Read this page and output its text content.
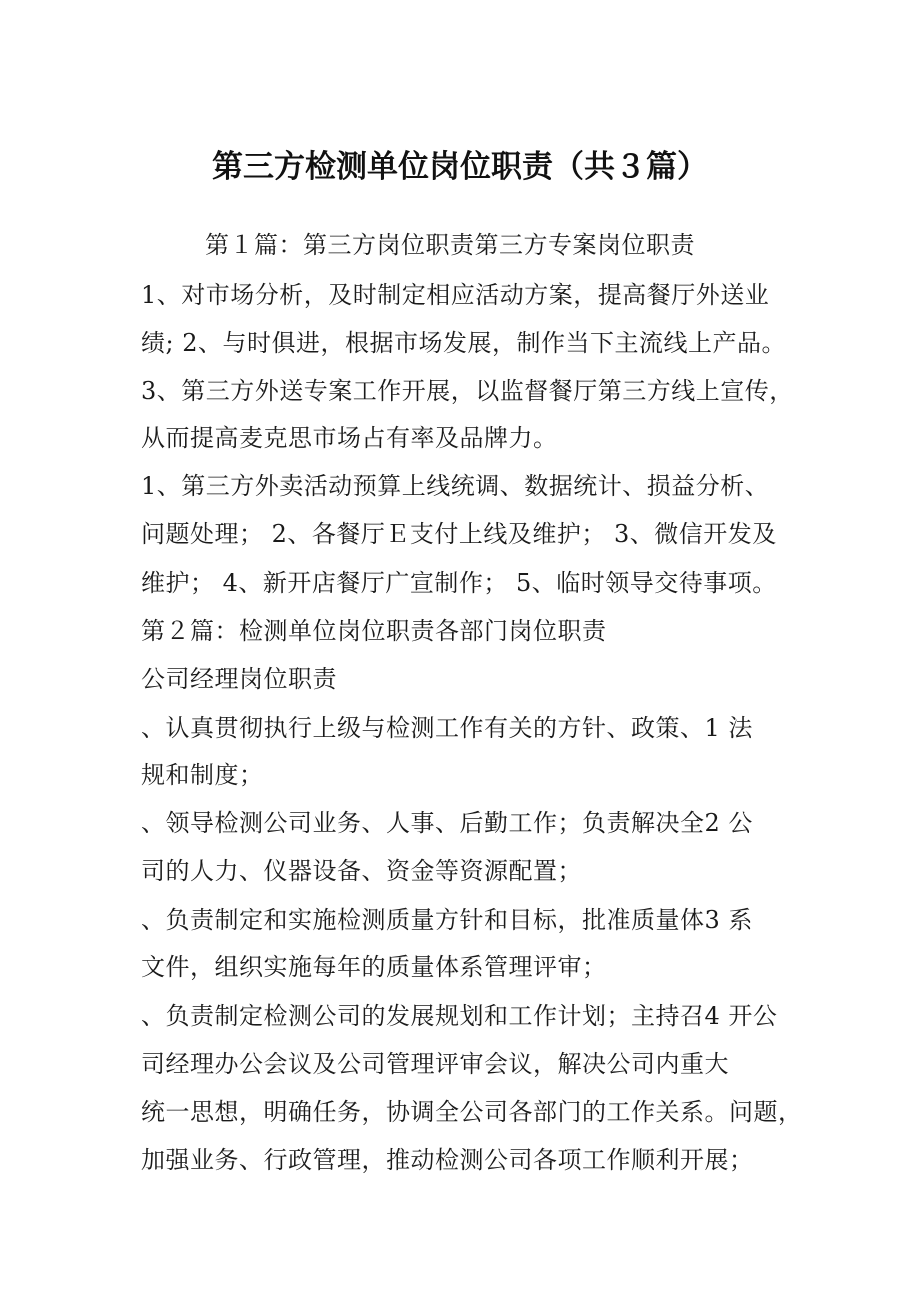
第三方检测单位岗位职责（共３篇）
第１篇：第三方岗位职责第三方专案岗位职责
1、对市场分析，及时制定相应活动方案，提高餐厅外送业
绩; 2、与时俱进，根据市场发展，制作当下主流线上产品。
3、第三方外送专案工作开展，以监督餐厅第三方线上宣传，
从而提高麦克思市场占有率及品牌力。
1、第三方外卖活动预算上线统调、数据统计、损益分析、
问题处理； 2、各餐厅Ｅ支付上线及维护； 3、微信开发及
维护； 4、新开店餐厅广宣制作； 5、临时领导交待事项。
第２篇：检测单位岗位职责各部门岗位职责
公司经理岗位职责
、认真贯彻执行上级与检测工作有关的方针、政策、1 法
规和制度；
、领导检测公司业务、人事、后勤工作；负责解决全2 公
司的人力、仪器设备、资金等资源配置；
、负责制定和实施检测质量方针和目标，批准质量体3 系
文件，组织实施每年的质量体系管理评审；
、负责制定检测公司的发展规划和工作计划；主持召4 开公
司经理办公会议及公司管理评审会议，解决公司内重大
统一思想，明确任务，协调全公司各部门的工作关系。问题，
加强业务、行政管理，推动检测公司各项工作顺利开展；
